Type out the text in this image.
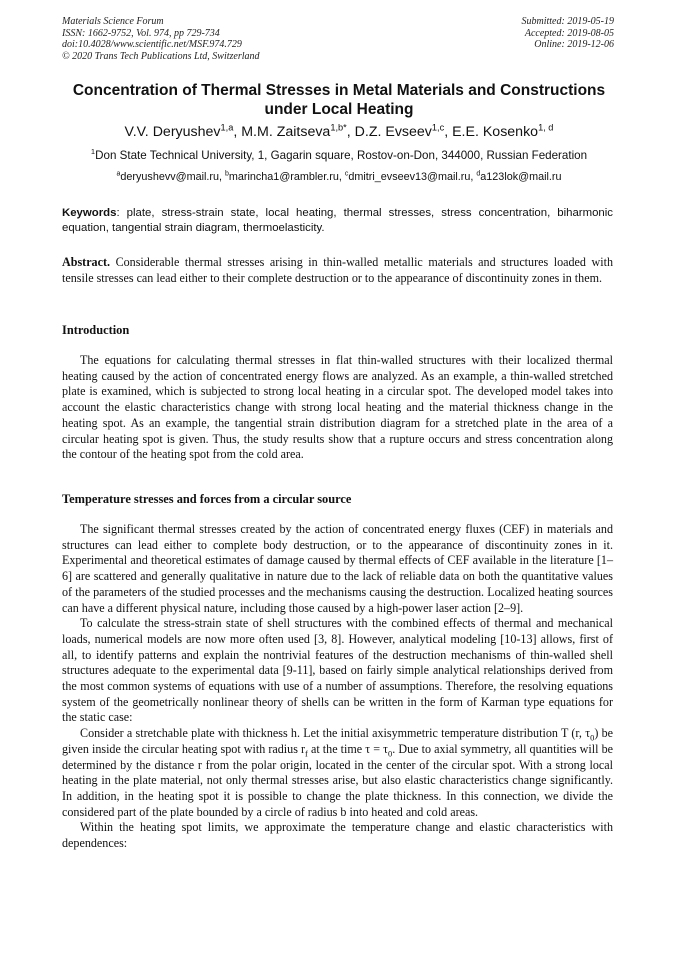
Materials Science Forum
ISSN: 1662-9752, Vol. 974, pp 729-734
doi:10.4028/www.scientific.net/MSF.974.729
© 2020 Trans Tech Publications Ltd, Switzerland
Submitted: 2019-05-19
Accepted: 2019-08-05
Online: 2019-12-06
Concentration of Thermal Stresses in Metal Materials and Constructions
under Local Heating
V.V. Deryushev$^{1,a}$, M.M. Zaitseva$^{1,b*}$, D.Z. Evseev$^{1,c}$, E.E. Kosenko$^{1, d}$
$^1$Don State Technical University, 1, Gagarin square, Rostov-on-Don, 344000, Russian Federation
$^a$deryushevv@mail.ru, $^b$marincha1@rambler.ru, $^c$dmitri_evseev13@mail.ru, $^d$a123lok@mail.ru
Keywords: plate, stress-strain state, local heating, thermal stresses, stress concentration, biharmonic equation, tangential strain diagram, thermoelasticity.
Abstract. Considerable thermal stresses arising in thin-walled metallic materials and structures loaded with tensile stresses can lead either to their complete destruction or to the appearance of discontinuity zones in them.
Introduction
The equations for calculating thermal stresses in flat thin-walled structures with their localized thermal heating caused by the action of concentrated energy flows are analyzed. As an example, a thin-walled stretched plate is examined, which is subjected to strong local heating in a circular spot. The developed model takes into account the elastic characteristics change with strong local heating and the material thickness change in the heating spot. As an example, the tangential strain distribution diagram for a stretched plate in the area of a circular heating spot is given. Thus, the study results show that a rupture occurs and stress concentration along the contour of the heating spot from the cold area.
Temperature stresses and forces from a circular source

The significant thermal stresses created by the action of concentrated energy fluxes (CEF) in materials and structures can lead either to complete body destruction, or to the appearance of discontinuity zones in it. Experimental and theoretical estimates of damage caused by thermal effects of CEF available in the literature [1–6] are scattered and generally qualitative in nature due to the lack of reliable data on both the quantitative values of the parameters of the studied processes and the mechanisms causing the destruction. Localized heating sources can have a different physical nature, including those caused by a high-power laser action [2–9].

To calculate the stress-strain state of shell structures with the combined effects of thermal and mechanical loads, numerical models are now more often used [3, 8]. However, analytical modeling [10-13] allows, first of all, to identify patterns and explain the nontrivial features of the destruction mechanisms of thin-walled shell structures adequate to the experimental data [9-11], based on fairly simple analytical relationships derived from the most common systems of equations with use of a number of assumptions. Therefore, the resolving equations system of the geometrically nonlinear theory of shells can be written in the form of Karman type equations for the static case:

Consider a stretchable plate with thickness h. Let the initial axisymmetric temperature distribution T (r, $\tau_0$) be given inside the circular heating spot with radius $r_f$ at the time $\tau = \tau_0$. Due to axial symmetry, all quantities will be determined by the distance r from the polar origin, located in the center of the circular spot. With a strong local heating in the plate material, not only thermal stresses arise, but also elastic characteristics change significantly. In addition, in the heating spot it is possible to change the plate thickness. In this connection, we divide the considered part of the plate bounded by a circle of radius b into heated and cold areas.

Within the heating spot limits, we approximate the temperature change and elastic characteristics with dependences:
